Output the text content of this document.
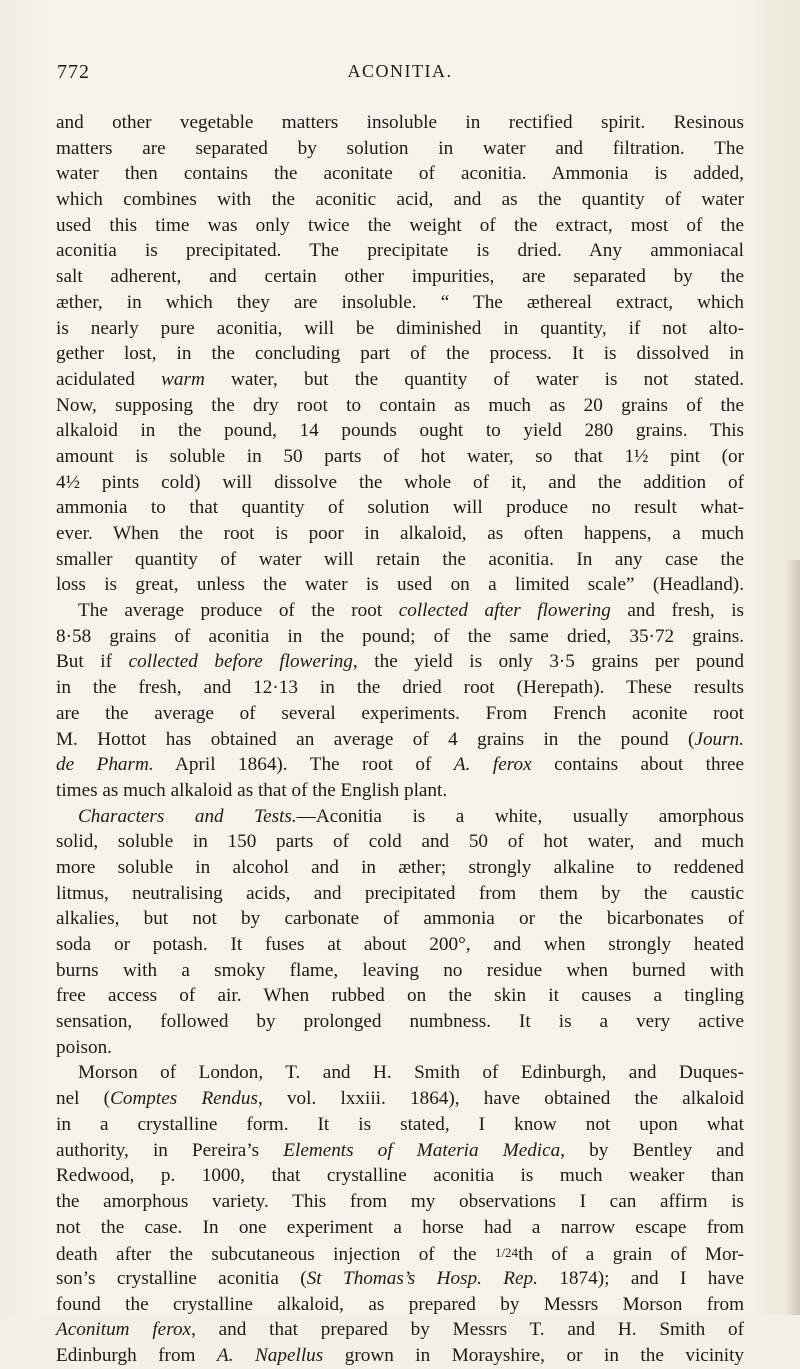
772	ACONITIA.
and other vegetable matters insoluble in rectified spirit. Resinous
matters are separated by solution in water and filtration. The
water then contains the aconitate of aconitia. Ammonia is added,
which combines with the aconitic acid, and as the quantity of water
used this time was only twice the weight of the extract, most of the
aconitia is precipitated. The precipitate is dried. Any ammoniacal
salt adherent, and certain other impurities, are separated by the
æther, in which they are insoluble. “ The æthereal extract, which
is nearly pure aconitia, will be diminished in quantity, if not alto-
gether lost, in the concluding part of the process. It is dissolved in
acidulated warm water, but the quantity of water is not stated.
Now, supposing the dry root to contain as much as 20 grains of the
alkaloid in the pound, 14 pounds ought to yield 280 grains. This
amount is soluble in 50 parts of hot water, so that 1½ pint (or
4½ pints cold) will dissolve the whole of it, and the addition of
ammonia to that quantity of solution will produce no result what-
ever. When the root is poor in alkaloid, as often happens, a much
smaller quantity of water will retain the aconitia. In any case the
loss is great, unless the water is used on a limited scale” (Headland).
The average produce of the root collected after flowering and fresh, is
8·58 grains of aconitia in the pound; of the same dried, 35·72 grains.
But if collected before flowering, the yield is only 3·5 grains per pound
in the fresh, and 12·13 in the dried root (Herepath). These results
are the average of several experiments. From French aconite root
M. Hottot has obtained an average of 4 grains in the pound (Journ.
de Pharm. April 1864). The root of A. ferox contains about three
times as much alkaloid as that of the English plant.
Characters and Tests.—Aconitia is a white, usually amorphous
solid, soluble in 150 parts of cold and 50 of hot water, and much
more soluble in alcohol and in æther; strongly alkaline to reddened
litmus, neutralising acids, and precipitated from them by the caustic
alkalies, but not by carbonate of ammonia or the bicarbonates of
soda or potash. It fuses at about 200°, and when strongly heated
burns with a smoky flame, leaving no residue when burned with
free access of air. When rubbed on the skin it causes a tingling
sensation, followed by prolonged numbness. It is a very active
poison.
Morson of London, T. and H. Smith of Edinburgh, and Duques-
nel (Comptes Rendus, vol. lxxiii. 1864), have obtained the alkaloid
in a crystalline form. It is stated, I know not upon what
authority, in Pereira’s Elements of Materia Medica, by Bentley and
Redwood, p. 1000, that crystalline aconitia is much weaker than
the amorphous variety. This from my observations I can affirm is
not the case. In one experiment a horse had a narrow escape from
death after the subcutaneous injection of the 1/24th of a grain of Mor-
son’s crystalline aconitia (St Thomas’s Hosp. Rep. 1874); and I have
found the crystalline alkaloid, as prepared by Messrs Morson from
Aconitum ferox, and that prepared by Messrs T. and H. Smith of
Edinburgh from A. Napellus grown in Morayshire, or in the vicinity
